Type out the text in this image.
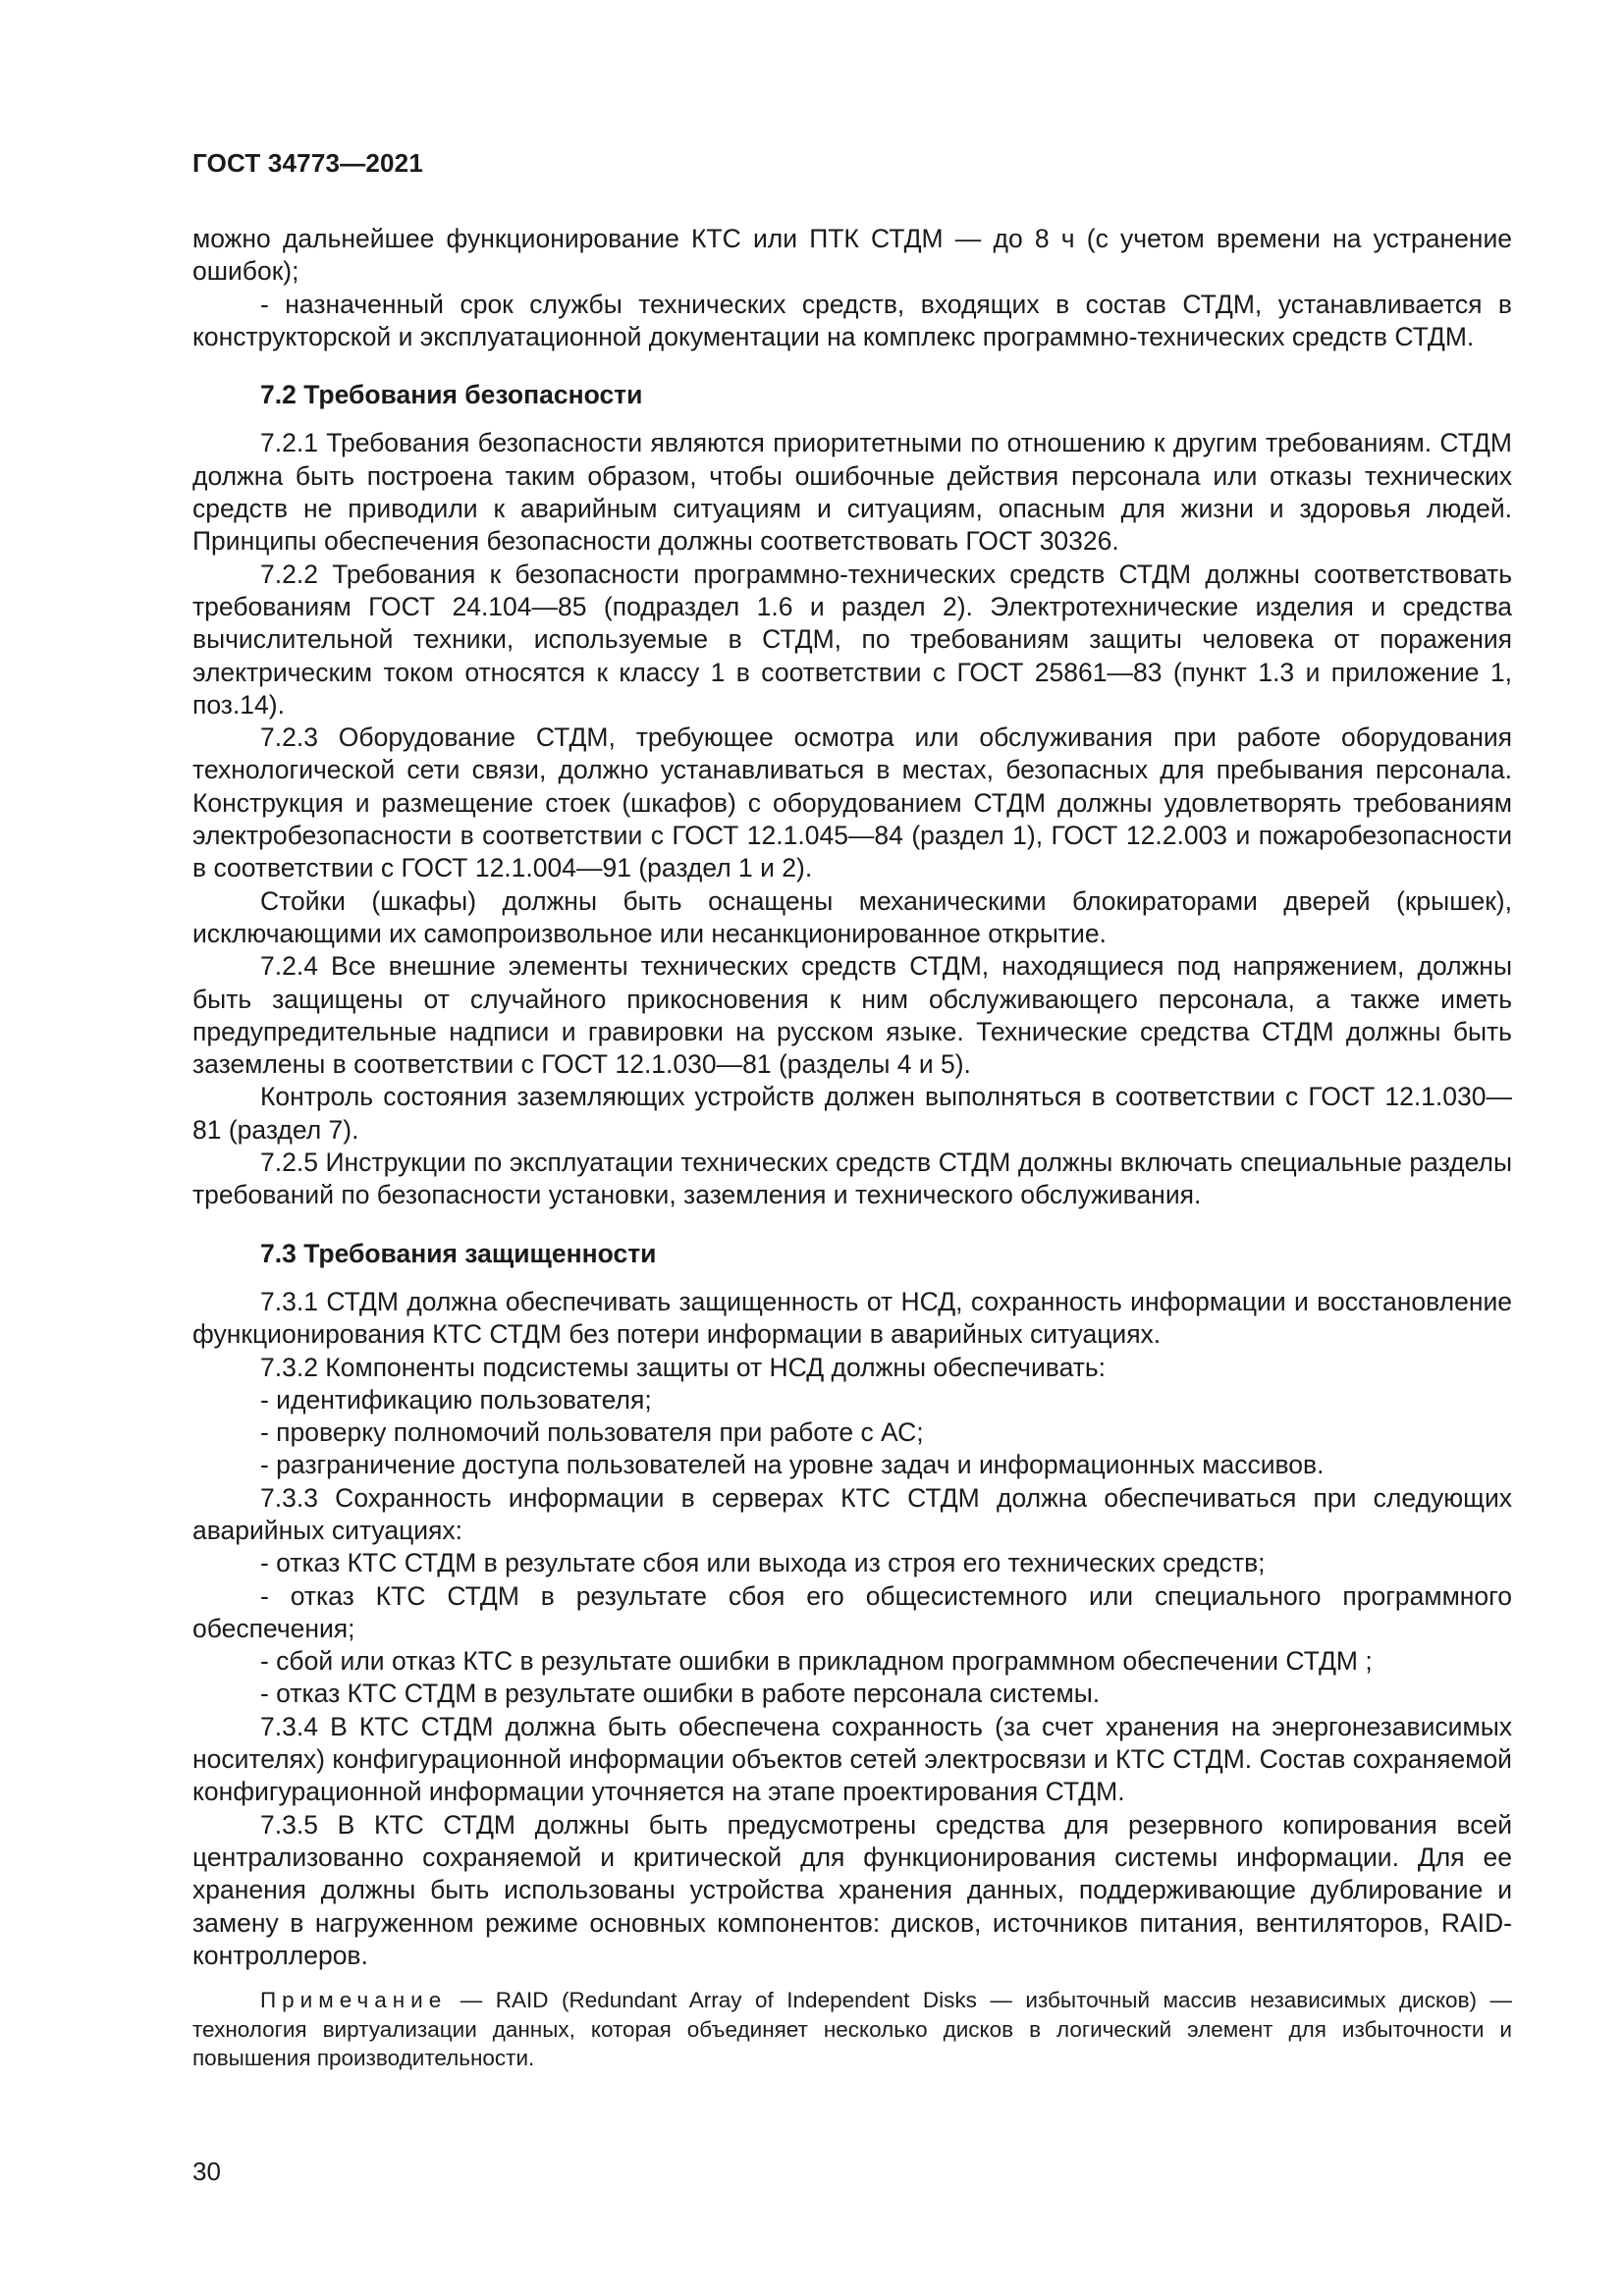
ГОСТ 34773—2021

можно дальнейшее функционирование КТС или ПТК СТДМ — до 8 ч (с учетом времени на устранение ошибок);

- назначенный срок службы технических средств, входящих в состав СТДМ, устанавливается в конструкторской и эксплуатационной документации на комплекс программно-технических средств СТДМ.

7.2 Требования безопасности

7.2.1 Требования безопасности являются приоритетными по отношению к другим требованиям. СТДМ должна быть построена таким образом, чтобы ошибочные действия персонала или отказы технических средств не приводили к аварийным ситуациям и ситуациям, опасным для жизни и здоровья людей. Принципы обеспечения безопасности должны соответствовать ГОСТ 30326.

7.2.2 Требования к безопасности программно-технических средств СТДМ должны соответствовать требованиям ГОСТ 24.104—85 (подраздел 1.6 и раздел 2). Электротехнические изделия и средства вычислительной техники, используемые в СТДМ, по требованиям защиты человека от поражения электрическим током относятся к классу 1 в соответствии с ГОСТ 25861—83 (пункт 1.3 и приложение 1, поз.14).

7.2.3 Оборудование СТДМ, требующее осмотра или обслуживания при работе оборудования технологической сети связи, должно устанавливаться в местах, безопасных для пребывания персонала. Конструкция и размещение стоек (шкафов) с оборудованием СТДМ должны удовлетворять требованиям электробезопасности в соответствии с ГОСТ 12.1.045—84 (раздел 1), ГОСТ 12.2.003 и пожаробезопасности в соответствии с ГОСТ 12.1.004—91 (раздел 1 и 2).

Стойки (шкафы) должны быть оснащены механическими блокираторами дверей (крышек), исключающими их самопроизвольное или несанкционированное открытие.

7.2.4 Все внешние элементы технических средств СТДМ, находящиеся под напряжением, должны быть защищены от случайного прикосновения к ним обслуживающего персонала, а также иметь предупредительные надписи и гравировки на русском языке. Технические средства СТДМ должны быть заземлены в соответствии с ГОСТ 12.1.030—81 (разделы 4 и 5).

Контроль состояния заземляющих устройств должен выполняться в соответствии с ГОСТ 12.1.030—81 (раздел 7).

7.2.5 Инструкции по эксплуатации технических средств СТДМ должны включать специальные разделы требований по безопасности установки, заземления и технического обслуживания.

7.3 Требования защищенности

7.3.1 СТДМ должна обеспечивать защищенность от НСД, сохранность информации и восстановление функционирования КТС СТДМ без потери информации в аварийных ситуациях.

7.3.2 Компоненты подсистемы защиты от НСД должны обеспечивать:

- идентификацию пользователя;

- проверку полномочий пользователя при работе с АС;

- разграничение доступа пользователей на уровне задач и информационных массивов.

7.3.3 Сохранность информации в серверах КТС СТДМ должна обеспечиваться при следующих аварийных ситуациях:

- отказ КТС СТДМ в результате сбоя или выхода из строя его технических средств;

- отказ КТС СТДМ в результате сбоя его общесистемного или специального программного обеспечения;

- сбой или отказ КТС в результате ошибки в прикладном программном обеспечении СТДМ ;

- отказ КТС СТДМ в результате ошибки в работе персонала системы.

7.3.4 В КТС СТДМ должна быть обеспечена сохранность (за счет хранения на энергонезависимых носителях) конфигурационной информации объектов сетей электросвязи и КТС СТДМ. Состав сохраняемой конфигурационной информации уточняется на этапе проектирования СТДМ.

7.3.5 В КТС СТДМ должны быть предусмотрены средства для резервного копирования всей централизованно сохраняемой и критической для функционирования системы информации. Для ее хранения должны быть использованы устройства хранения данных, поддерживающие дублирование и замену в нагруженном режиме основных компонентов: дисков, источников питания, вентиляторов, RAID-контроллеров.

Примечание — RAID (Redundant Array of Independent Disks — избыточный массив независимых дисков) — технология виртуализации данных, которая объединяет несколько дисков в логический элемент для избыточности и повышения производительности.

30
